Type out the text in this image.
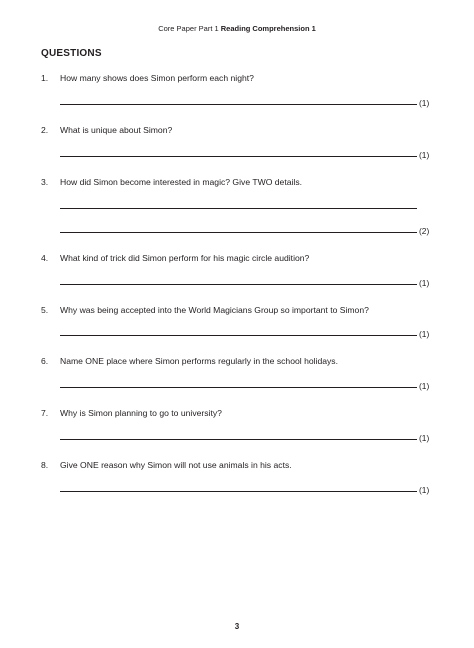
Core Paper Part 1 Reading Comprehension 1
QUESTIONS
1. How many shows does Simon perform each night?
(1)
2. What is unique about Simon?
(1)
3. How did Simon become interested in magic? Give TWO details.
(2)
4. What kind of trick did Simon perform for his magic circle audition?
(1)
5. Why was being accepted into the World Magicians Group so important to Simon?
(1)
6. Name ONE place where Simon performs regularly in the school holidays.
(1)
7. Why is Simon planning to go to university?
(1)
8. Give ONE reason why Simon will not use animals in his acts.
(1)
3
